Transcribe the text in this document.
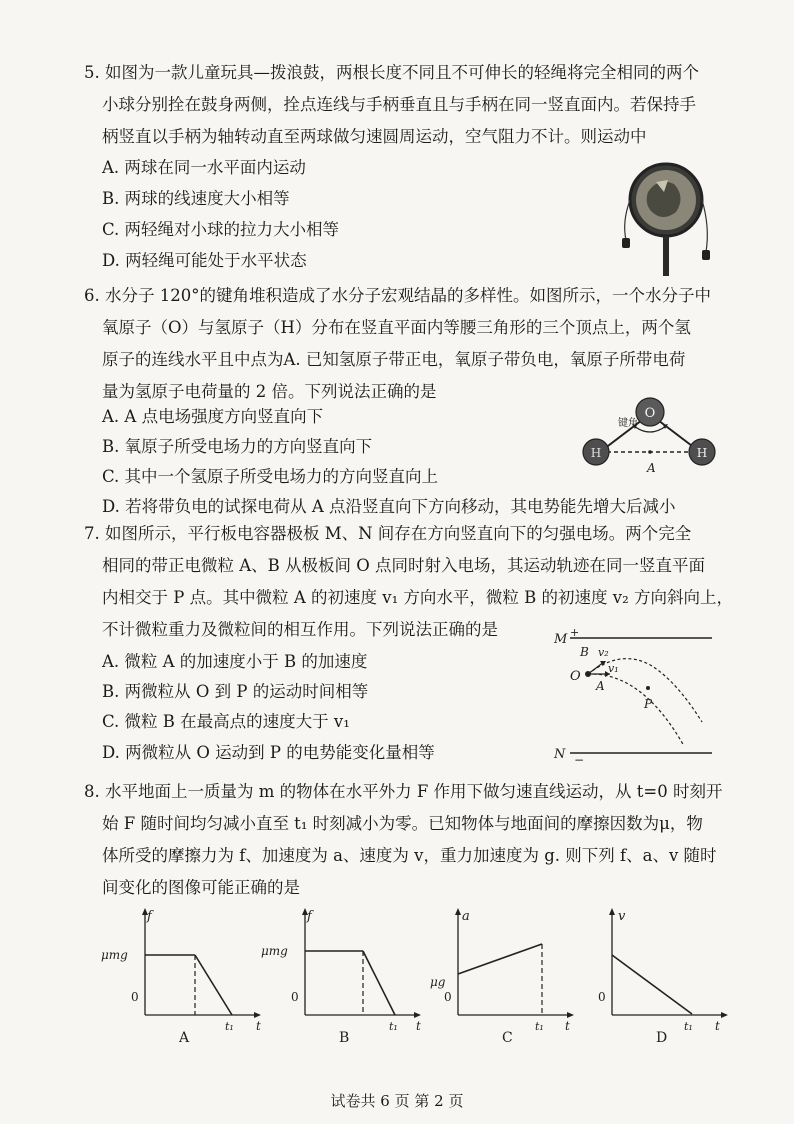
5. 如图为一款儿童玩具—拨浪鼓，两根长度不同且不可伸长的轻绳将完全相同的两个
小球分别拴在鼓身两侧，拴点连线与手柄垂直且与手柄在同一竖直面内。若保持手
柄竖直以手柄为轴转动直至两球做匀速圆周运动，空气阻力不计。则运动中
A. 两球在同一水平面内运动
B. 两球的线速度大小相等
C. 两轻绳对小球的拉力大小相等
D. 两轻绳可能处于水平状态
6. 水分子 120°的键角堆积造成了水分子宏观结晶的多样性。如图所示，一个水分子中
氧原子（O）与氢原子（H）分布在竖直平面内等腰三角形的三个顶点上，两个氢
原子的连线水平且中点为A. 已知氢原子带正电，氧原子带负电，氧原子所带电荷
量为氢原子电荷量的 2 倍。下列说法正确的是
A. A 点电场强度方向竖直向下
B. 氧原子所受电场力的方向竖直向下
C. 其中一个氢原子所受电场力的方向竖直向上
D. 若将带负电的试探电荷从 A 点沿竖直向下方向移动，其电势能先增大后减小
O
H	H
键角
A
7. 如图所示，平行板电容器极板 M、N 间存在方向竖直向下的匀强电场。两个完全
相同的带正电微粒 A、B 从极板间 O 点同时射入电场，其运动轨迹在同一竖直平面
内相交于 P 点。其中微粒 A 的初速度 v₁ 方向水平，微粒 B 的初速度 v₂ 方向斜向上，
不计微粒重力及微粒间的相互作用。下列说法正确的是
A. 微粒 A 的加速度小于 B 的加速度
B. 两微粒从 O 到 P 的运动时间相等
C. 微粒 B 在最高点的速度大于 v₁
D. 两微粒从 O 运动到 P 的电势能变化量相等
M +
N −
O
A
B
v₁
v₂
P
8. 水平地面上一质量为 m 的物体在水平外力 F 作用下做匀速直线运动，从 t=0 时刻开
始 F 随时间均匀减小直至 t₁ 时刻减小为零。已知物体与地面间的摩擦因数为μ，物
体所受的摩擦力为 f、加速度为 a、速度为 v，重力加速度为 g. 则下列 f、a、v 随时
间变化的图像可能正确的是
f
μmg
0
t₁ t
A
f
μmg
0
t₁ t
B
a
μg
0
t₁ t
C
v
0
t₁ t
D
试卷共 6 页 第 2 页
